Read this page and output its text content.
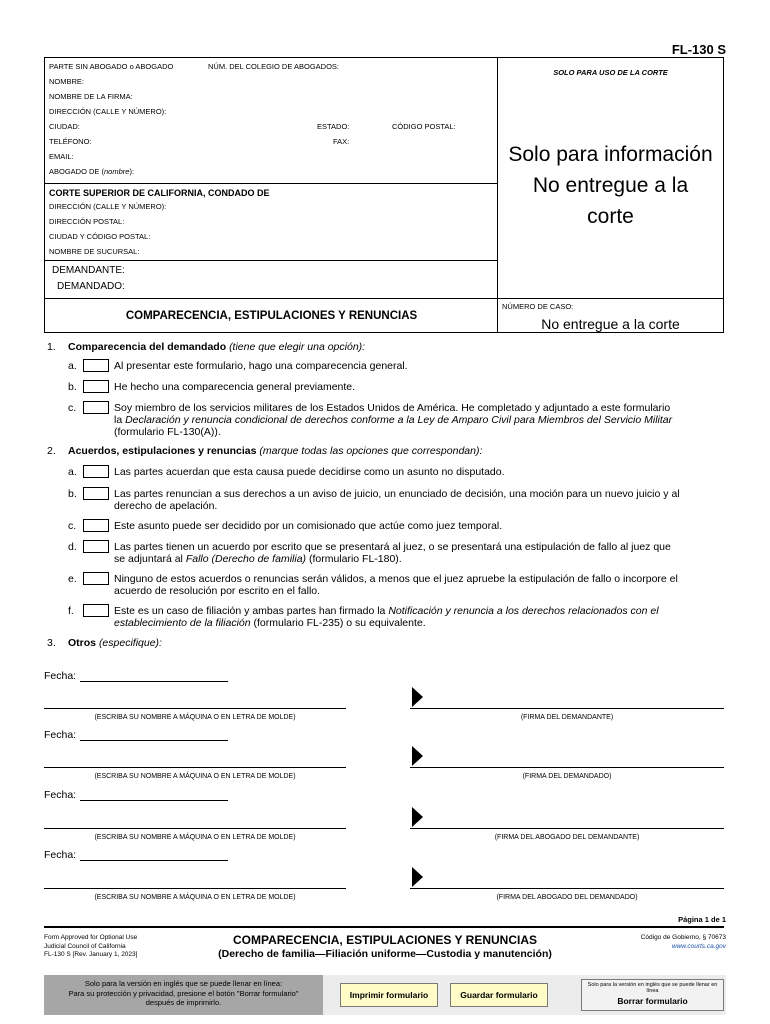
FL-130 S
PARTE SIN ABOGADO o ABOGADO	NÚM. DEL COLEGIO DE ABOGADOS:
NOMBRE:
NOMBRE DE LA FIRMA:
DIRECCIÓN (CALLE Y NÚMERO):
CIUDAD:	ESTADO:	CÓDIGO POSTAL:
TELÉFONO:	FAX:
EMAIL:
ABOGADO DE (nombre):
CORTE SUPERIOR DE CALIFORNIA, CONDADO DE
DIRECCIÓN (CALLE Y NÚMERO):
DIRECCIÓN POSTAL:
CIUDAD Y CÓDIGO POSTAL:
NOMBRE DE SUCURSAL:
DEMANDANTE:
DEMANDADO:
COMPARECENCIA, ESTIPULACIONES Y RENUNCIAS
SOLO PARA USO DE LA CORTE
Solo para información
No entregue a la
corte
NÚMERO DE CASO:
No entregue a la corte
1. Comparecencia del demandado (tiene que elegir una opción):
a.	Al presentar este formulario, hago una comparecencia general.
b.	He hecho una comparecencia general previamente.
c.	Soy miembro de los servicios militares de los Estados Unidos de América. He completado y adjuntado a este formulario
la Declaración y renuncia condicional de derechos conforme a la Ley de Amparo Civil para Miembros del Servicio Militar
(formulario FL-130(A)).
2. Acuerdos, estipulaciones y renuncias (marque todas las opciones que correspondan):
a.	Las partes acuerdan que esta causa puede decidirse como un asunto no disputado.
b.	Las partes renuncian a sus derechos a un aviso de juicio, un enunciado de decisión, una moción para un nuevo juicio y al
derecho de apelación.
c.	Este asunto puede ser decidido por un comisionado que actúe como juez temporal.
d.	Las partes tienen un acuerdo por escrito que se presentará al juez, o se presentará una estipulación de fallo al juez que
se adjuntará al Fallo (Derecho de familia) (formulario FL-180).
e.	Ninguno de estos acuerdos o renuncias serán válidos, a menos que el juez apruebe la estipulación de fallo o incorpore el
acuerdo de resolución por escrito en el fallo.
f.	Este es un caso de filiación y ambas partes han firmado la Notificación y renuncia a los derechos relacionados con el
establecimiento de la filiación (formulario FL-235) o su equivalente.
3. Otros (especifique):
Fecha:
(ESCRIBA SU NOMBRE A MÁQUINA O EN LETRA DE MOLDE)	(FIRMA DEL DEMANDANTE)
Fecha:
(ESCRIBA SU NOMBRE A MÁQUINA O EN LETRA DE MOLDE)	(FIRMA DEL DEMANDADO)
Fecha:
(ESCRIBA SU NOMBRE A MÁQUINA O EN LETRA DE MOLDE)	(FIRMA DEL ABOGADO DEL DEMANDANTE)
Fecha:
(ESCRIBA SU NOMBRE A MÁQUINA O EN LETRA DE MOLDE)	(FIRMA DEL ABOGADO DEL DEMANDADO)
Página 1 de 1
Form Approved for Optional Use
Judicial Council of California
FL-130 S [Rev. January 1, 2023]
COMPARECENCIA, ESTIPULACIONES Y RENUNCIAS
(Derecho de familia—Filiación uniforme—Custodia y manutención)
Código de Gobierno, § 70673
www.courts.ca.gov
Solo para la versión en inglés que se puede llenar en línea:
Para su protección y privacidad, presione el botón "Borrar formulario"
después de imprimirlo.
Imprimir formulario	Guardar formulario
Solo para la versión en inglés que se puede llenar en línea
Borrar formulario
